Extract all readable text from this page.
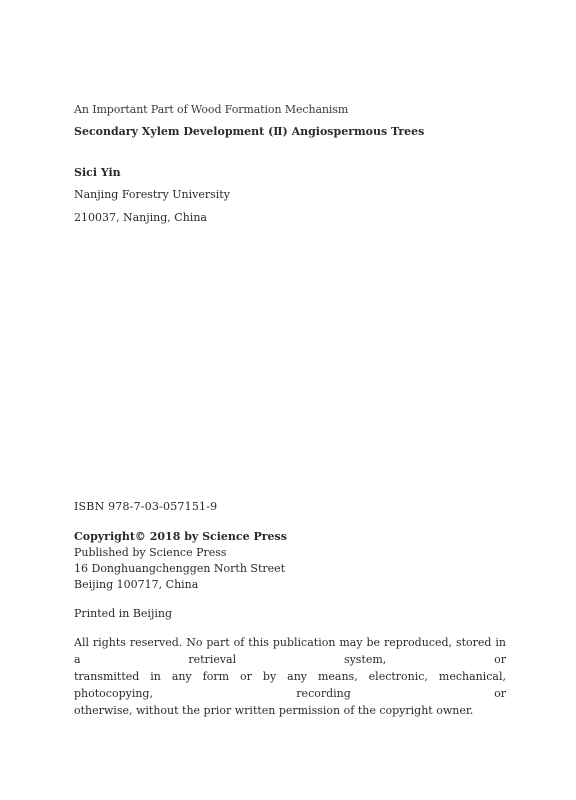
An Important Part of Wood Formation Mechanism
Secondary Xylem Development (Ⅱ) Angiospermous Trees
Sici Yin
Nanjing Forestry University
210037, Nanjing, China
ISBN 978-7-03-057151-9
Copyright© 2018 by Science Press
Published by Science Press
16 Donghuangchenggen North Street
Beijing 100717, China
Printed in Beijing
All rights reserved. No part of this publication may be reproduced, stored in a retrieval system, or
transmitted in any form or by any means, electronic, mechanical, photocopying, recording or
otherwise, without the prior written permission of the copyright owner.
